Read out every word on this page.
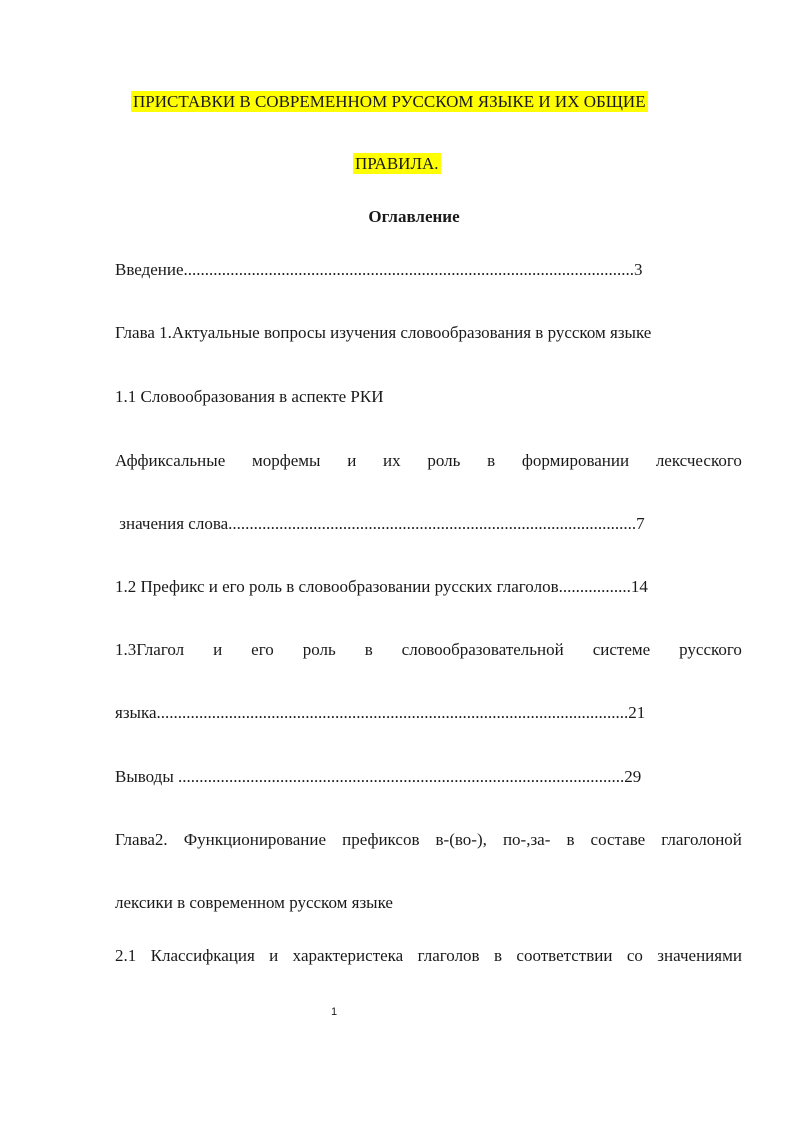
ПРИСТАВКИ В СОВРЕМЕННОМ РУССКОМ ЯЗЫКЕ И ИХ ОБЩИЕ
ПРАВИЛА.
Оглавление
Введение..........................................................................................................3
Глава 1.Актуальные вопросы изучения словообразования в русском языке
1.1 Словообразования в аспекте РКИ
Аффиксальные морфемы и их роль в формировании лексческого
значения слова................................................................................................7
1.2 Префикс и его роль в словообразовании русских глаголов.................14
1.3Глагол и его роль в словообразовательной системе русского
языка...............................................................................................................21
Выводы .........................................................................................................29
Глава2. Функционирование префиксов в-(во-), по-,за- в составе глаголоной
лексики в современном русском языке
2.1 Классифкация и характеристека глаголов в соответствии со значениями
1
